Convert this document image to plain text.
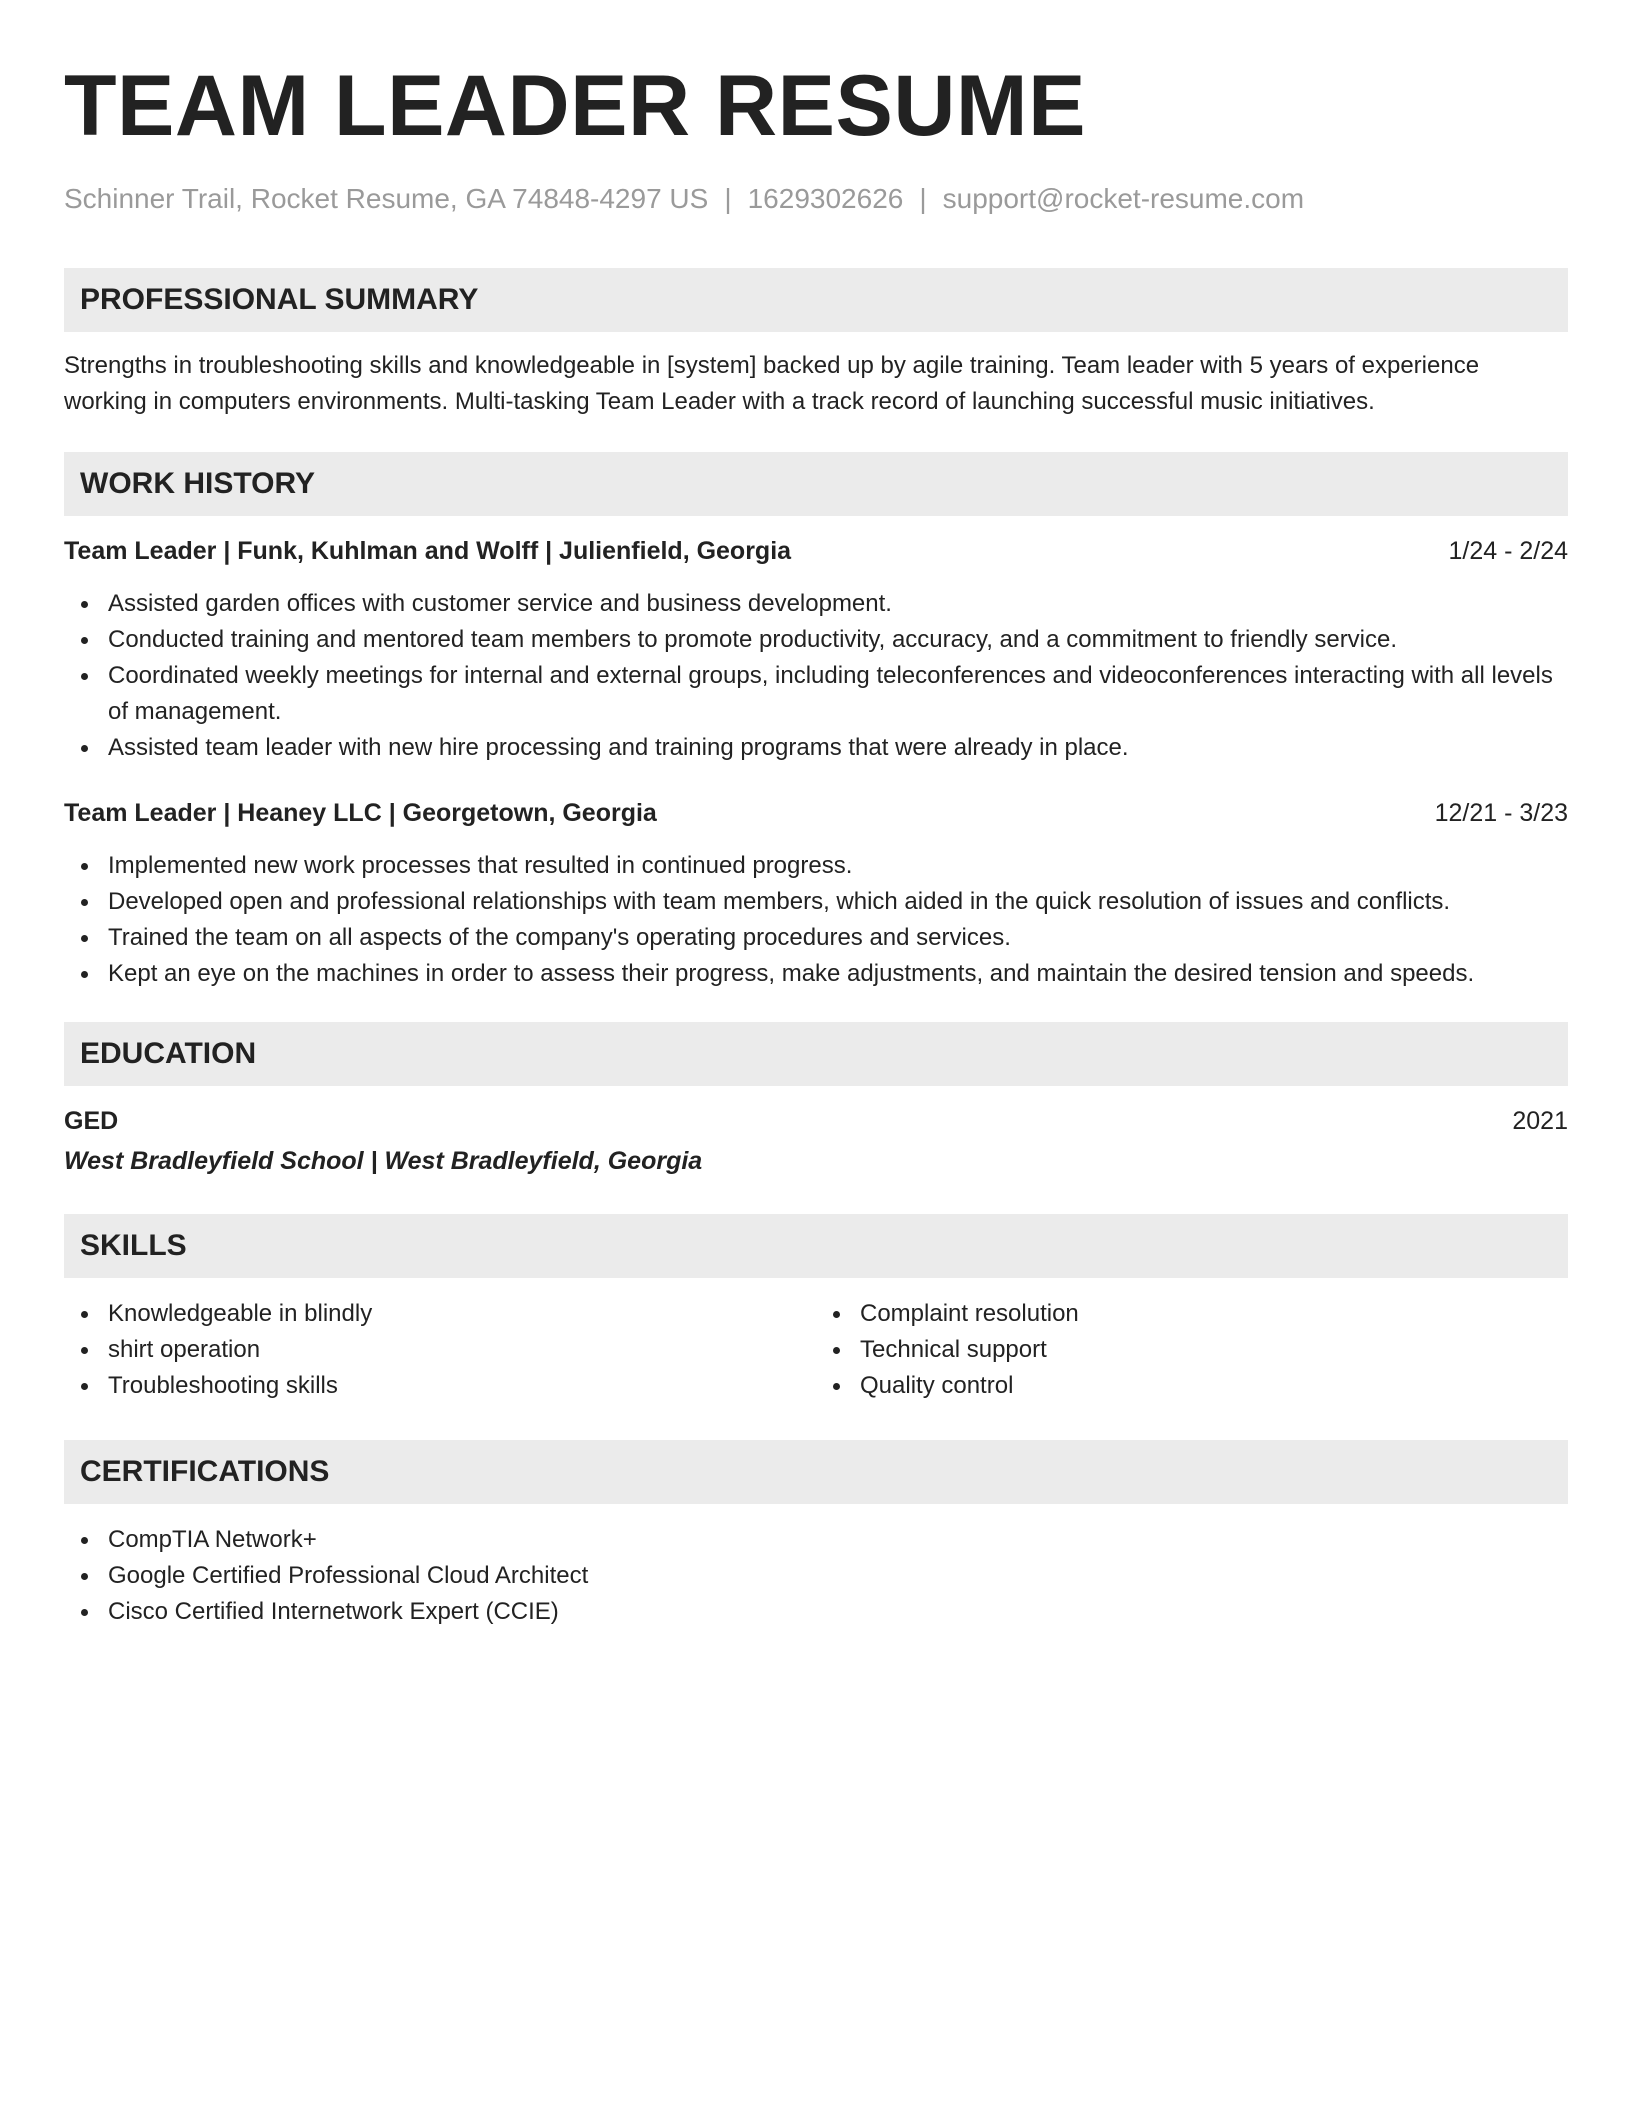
TEAM LEADER RESUME
Schinner Trail, Rocket Resume, GA 74848-4297 US | 1629302626 | support@rocket-resume.com
PROFESSIONAL SUMMARY
Strengths in troubleshooting skills and knowledgeable in [system] backed up by agile training. Team leader with 5 years of experience working in computers environments. Multi-tasking Team Leader with a track record of launching successful music initiatives.
WORK HISTORY
Team Leader | Funk, Kuhlman and Wolff | Julienfield, Georgia	1/24 - 2/24
Assisted garden offices with customer service and business development.
Conducted training and mentored team members to promote productivity, accuracy, and a commitment to friendly service.
Coordinated weekly meetings for internal and external groups, including teleconferences and videoconferences interacting with all levels of management.
Assisted team leader with new hire processing and training programs that were already in place.
Team Leader | Heaney LLC | Georgetown, Georgia	12/21 - 3/23
Implemented new work processes that resulted in continued progress.
Developed open and professional relationships with team members, which aided in the quick resolution of issues and conflicts.
Trained the team on all aspects of the company's operating procedures and services.
Kept an eye on the machines in order to assess their progress, make adjustments, and maintain the desired tension and speeds.
EDUCATION
GED	2021
West Bradleyfield School | West Bradleyfield, Georgia
SKILLS
Knowledgeable in blindly
shirt operation
Troubleshooting skills
Complaint resolution
Technical support
Quality control
CERTIFICATIONS
CompTIA Network+
Google Certified Professional Cloud Architect
Cisco Certified Internetwork Expert (CCIE)
